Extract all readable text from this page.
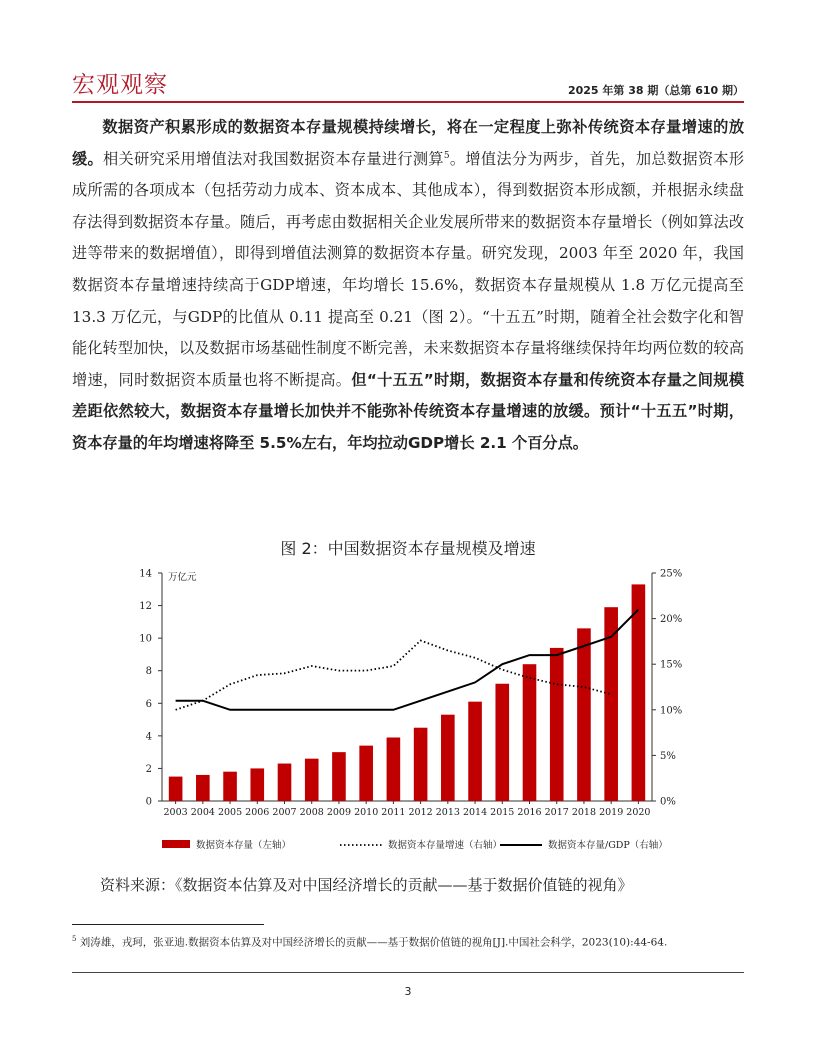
宏观观察	2025 年第 38 期（总第 610 期）

数据资产积累形成的数据资本存量规模持续增长，将在一定程度上弥补传统资本存量增速的放缓。相关研究采用增值法对我国数据资本存量进行测算$^5$。增值法分为两步，首先，加总数据资本形成所需的各项成本（包括劳动力成本、资本成本、其他成本），得到数据资本形成额，并根据永续盘存法得到数据资本存量。随后，再考虑由数据相关企业发展所带来的数据资本存量增长（例如算法改进等带来的数据增值），即得到增值法测算的数据资本存量。研究发现，2003 年至 2020 年，我国数据资本存量增速持续高于GDP增速，年均增长 15.6%，数据资本存量规模从 1.8 万亿元提高至 13.3 万亿元，与GDP的比值从 0.11 提高至 0.21（图 2）。“十五五”时期，随着全社会数字化和智能化转型加快，以及数据市场基础性制度不断完善，未来数据资本存量将继续保持年均两位数的较高增速，同时数据资本质量也将不断提高。但“十五五”时期，数据资本存量和传统资本存量之间规模差距依然较大，数据资本存量增长加快并不能弥补传统资本存量增速的放缓。预计“十五五”时期，资本存量的年均增速将降至 5.5%左右，年均拉动GDP增长 2.1 个百分点。

图 2：中国数据资本存量规模及增速
0
2
4
6
8
10
12
14 万亿元
0%
5%
10%
15%
20%
25%
2003 2004 2005 2006 2007 2008 2009 2010 2011 2012 2013 2014 2015 2016 2017 2018 2019 2020
数据资本存量（左轴）	数据资本存量增速（右轴）	数据资本存量/GDP（右轴）
资料来源：《数据资本估算及对中国经济增长的贡献——基于数据价值链的视角》
$^5$ 刘涛雄，戎珂，张亚迪.数据资本估算及对中国经济增长的贡献——基于数据价值链的视角[J].中国社会科学，2023(10):44-64.
3
